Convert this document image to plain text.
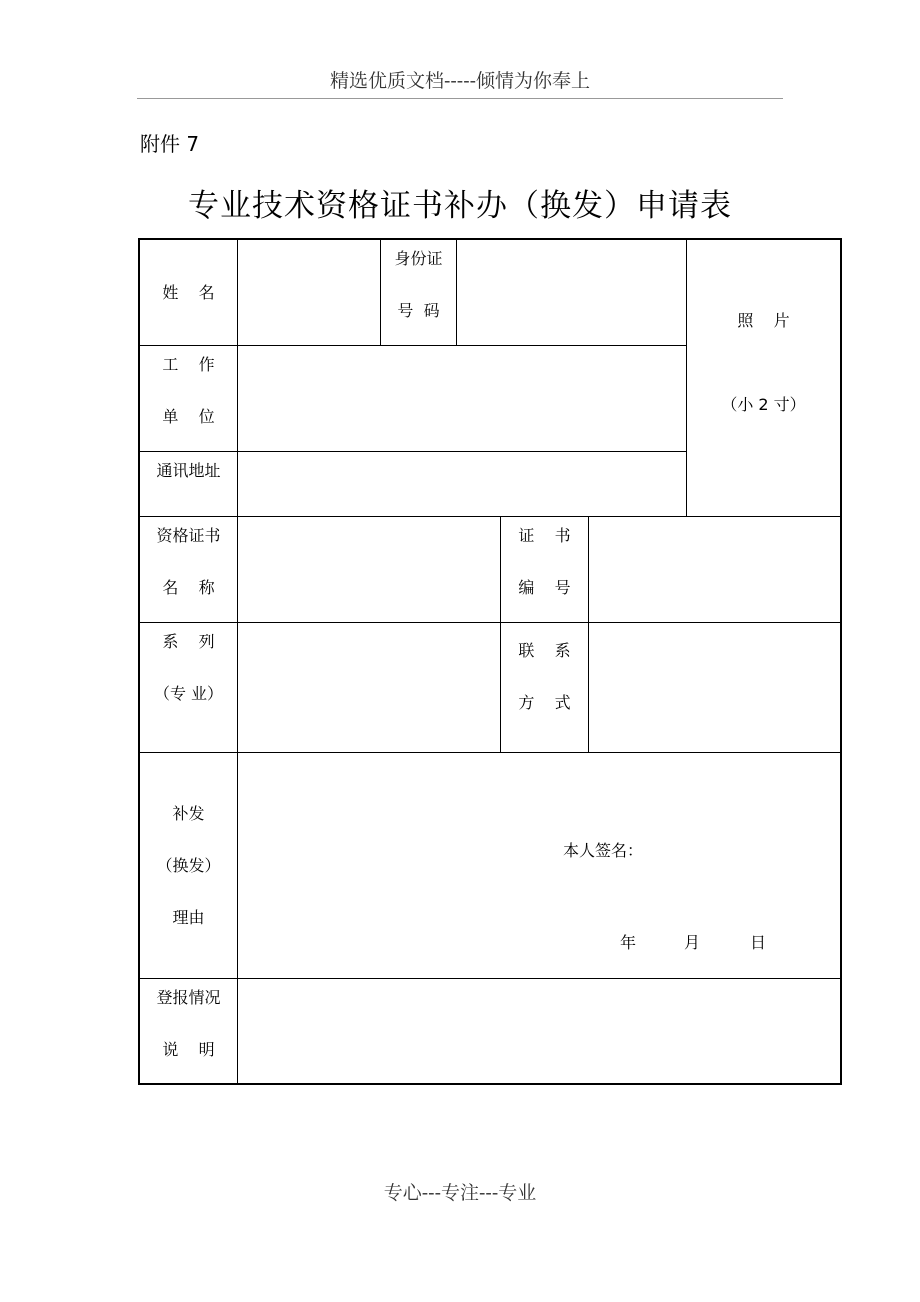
精选优质文档-----倾情为你奉上
附件 7
专业技术资格证书补办（换发）申请表
姓    名
身份证
号  码
照    片
（小 2 寸）
工    作
单    位
通讯地址
资格证书
名    称
证    书
编    号
系    列
（专 业）
联    系
方    式
补发
（换发）
理由
本人签名：
年	月	日
登报情况
说    明
专心---专注---专业
